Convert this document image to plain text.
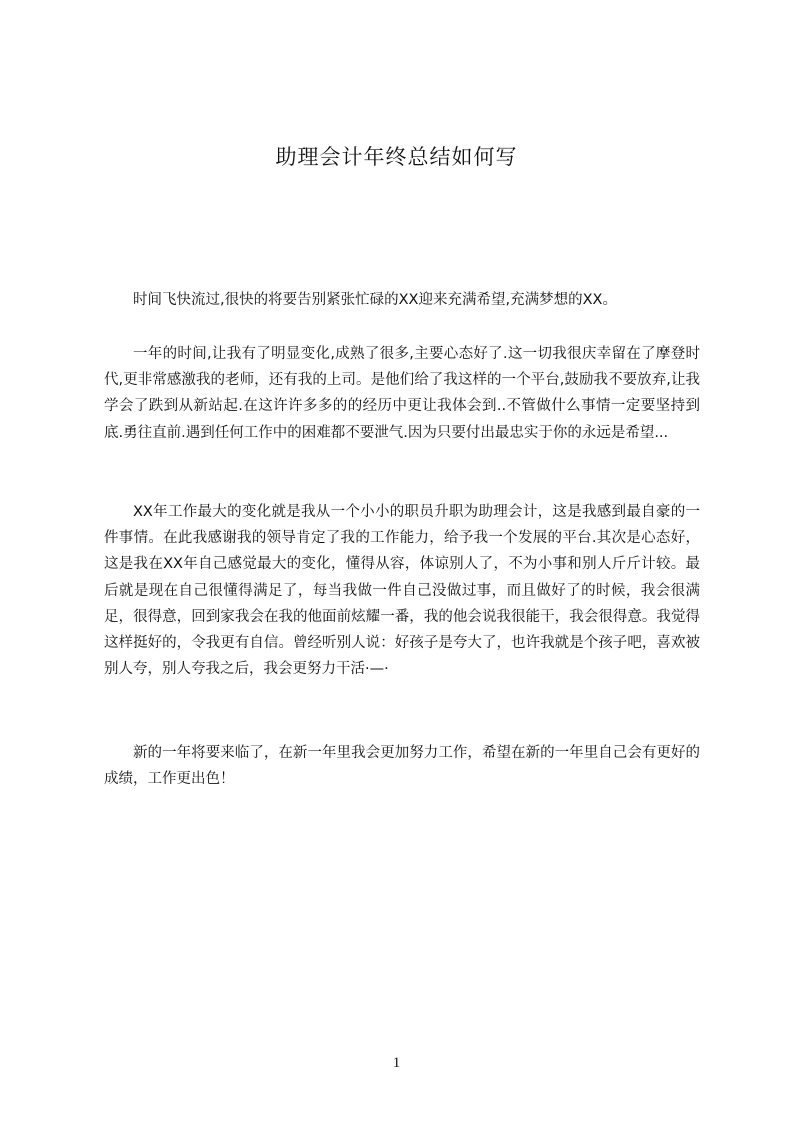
助理会计年终总结如何写

时间飞快流过,很快的将要告别紧张忙碌的XX迎来充满希望,充满梦想的XX。

一年的时间,让我有了明显变化,成熟了很多,主要心态好了.这一切我很庆幸留在了摩登时代,更非常感激我的老师，还有我的上司。是他们给了我这样的一个平台,鼓励我不要放弃,让我学会了跌到从新站起.在这许许多多的的经历中更让我体会到..不管做什么事情一定要坚持到底.勇往直前.遇到任何工作中的困难都不要泄气.因为只要付出最忠实于你的永远是希望...

XX年工作最大的变化就是我从一个小小的职员升职为助理会计，这是我感到最自豪的一件事情。在此我感谢我的领导肯定了我的工作能力，给予我一个发展的平台.其次是心态好，这是我在XX年自己感觉最大的变化，懂得从容，体谅别人了，不为小事和别人斤斤计较。最后就是现在自己很懂得满足了，每当我做一件自己没做过事，而且做好了的时候，我会很满足，很得意，回到家我会在我的他面前炫耀一番，我的他会说我很能干，我会很得意。我觉得这样挺好的，令我更有自信。曾经听别人说：好孩子是夸大了，也许我就是个孩子吧，喜欢被别人夸，别人夸我之后，我会更努力干活·—·

新的一年将要来临了，在新一年里我会更加努力工作，希望在新的一年里自己会有更好的成绩，工作更出色！

1
